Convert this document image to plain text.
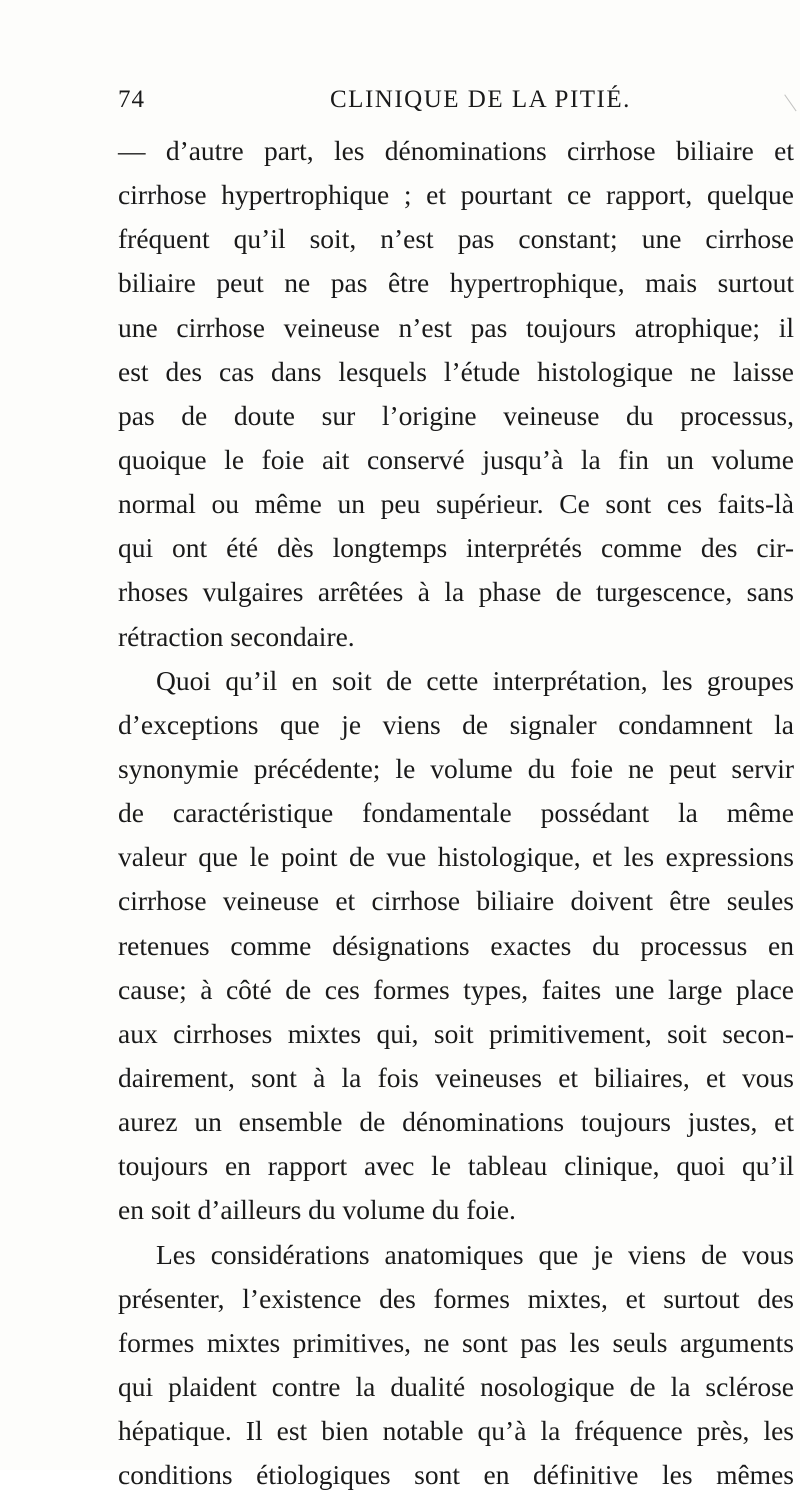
74	CLINIQUE DE LA PITIÉ.
— d’autre part, les dénominations cirrhose biliaire et
cirrhose hypertrophique ; et pourtant ce rapport, quelque
fréquent qu’il soit, n’est pas constant; une cirrhose
biliaire peut ne pas être hypertrophique, mais surtout
une cirrhose veineuse n’est pas toujours atrophique; il
est des cas dans lesquels l’étude histologique ne laisse
pas de doute sur l’origine veineuse du processus,
quoique le foie ait conservé jusqu’à la fin un volume
normal ou même un peu supérieur. Ce sont ces faits-là
qui ont été dès longtemps interprétés comme des cir-
rhoses vulgaires arrêtées à la phase de turgescence, sans
rétraction secondaire.
Quoi qu’il en soit de cette interprétation, les groupes
d’exceptions que je viens de signaler condamnent la
synonymie précédente; le volume du foie ne peut servir
de caractéristique fondamentale possédant la même
valeur que le point de vue histologique, et les expressions
cirrhose veineuse et cirrhose biliaire doivent être seules
retenues comme désignations exactes du processus en
cause; à côté de ces formes types, faites une large place
aux cirrhoses mixtes qui, soit primitivement, soit secon-
dairement, sont à la fois veineuses et biliaires, et vous
aurez un ensemble de dénominations toujours justes, et
toujours en rapport avec le tableau clinique, quoi qu’il
en soit d’ailleurs du volume du foie.
Les considérations anatomiques que je viens de vous
présenter, l’existence des formes mixtes, et surtout des
formes mixtes primitives, ne sont pas les seuls arguments
qui plaident contre la dualité nosologique de la sclérose
hépatique. Il est bien notable qu’à la fréquence près, les
conditions étiologiques sont en définitive les mêmes
